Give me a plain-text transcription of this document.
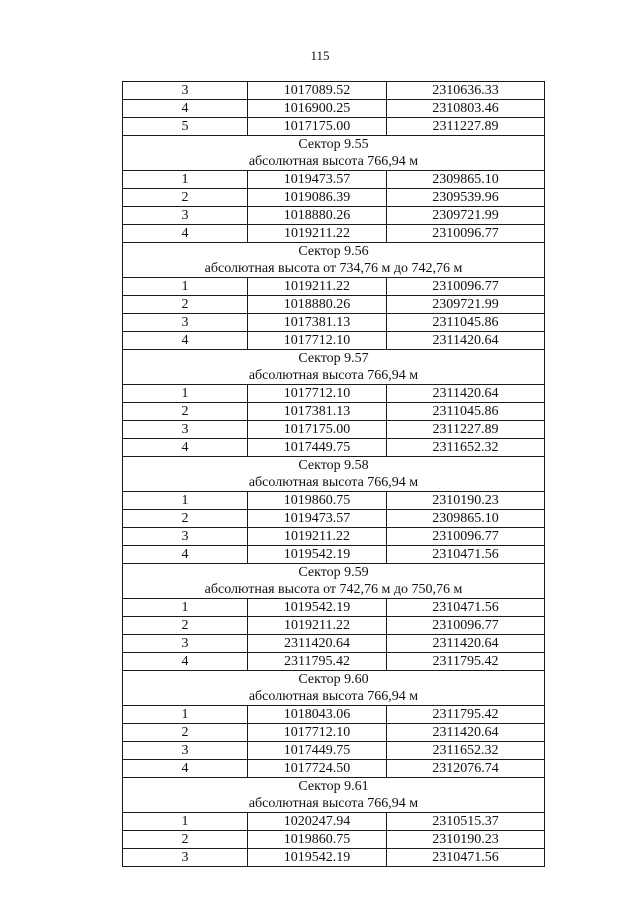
115
3	1017089.52	2310636.33
4	1016900.25	2310803.46
5	1017175.00	2311227.89
Сектор 9.55		
абсолютная высота 766,94 м		
1	1019473.57	2309865.10
2	1019086.39	2309539.96
3	1018880.26	2309721.99
4	1019211.22	2310096.77
Сектор 9.56		
абсолютная высота от 734,76 м до 742,76 м		
1	1019211.22	2310096.77
2	1018880.26	2309721.99
3	1017381.13	2311045.86
4	1017712.10	2311420.64
Сектор 9.57		
абсолютная высота 766,94 м		
1	1017712.10	2311420.64
2	1017381.13	2311045.86
3	1017175.00	2311227.89
4	1017449.75	2311652.32
Сектор 9.58		
абсолютная высота 766,94 м		
1	1019860.75	2310190.23
2	1019473.57	2309865.10
3	1019211.22	2310096.77
4	1019542.19	2310471.56
Сектор 9.59		
абсолютная высота от 742,76 м до 750,76 м		
1	1019542.19	2310471.56
2	1019211.22	2310096.77
3	2311420.64	2311420.64
4	2311795.42	2311795.42
Сектор 9.60		
абсолютная высота 766,94 м		
1	1018043.06	2311795.42
2	1017712.10	2311420.64
3	1017449.75	2311652.32
4	1017724.50	2312076.74
Сектор 9.61		
абсолютная высота 766,94 м		
1	1020247.94	2310515.37
2	1019860.75	2310190.23
3	1019542.19	2310471.56
